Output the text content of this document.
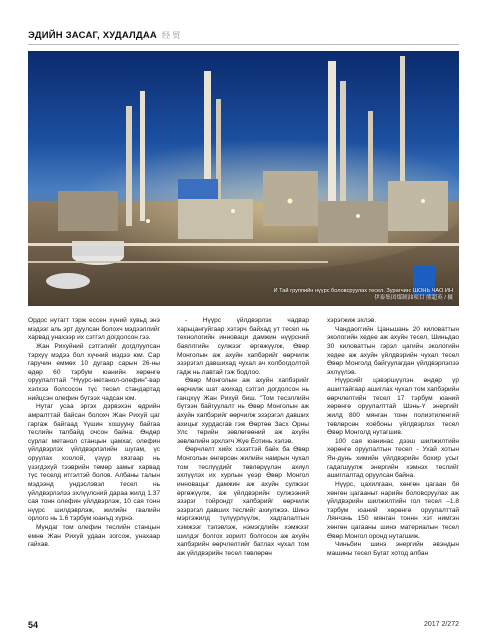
ЭДИЙН ЗАСАГ, ХУДАЛДАА 经 贸
И Тай группийн нүүрс боловсруулах тесел. Зурагчин: ШОНЬ ЧАО ИН
伊泰集团煤制油项目 熊超英 / 摄

Ордос нутагт тэрж ессен хүний хувьд энэ мэдээг аль эрт дуулсан болохч мэдээллийг харвад унахээр их сэтгэл догдолсон гээ.

Жан Рихуйний сэтгэлийг догдлуулсан тэрхүү мэдээ бол хүчний мэдээ юм. Сар гаручин еммөх 10 дугаар сарын 26-ны өдөр 60 тэрбум юанийн хөрөнгө оруулалттай "Нүүрс-метанол-олефин"-вар хэлхээ болсосон түс тесөл стандартад нийцсэн олефин бүтээх чадсан юм.

Нутаг усаа эргэх дэрвэхэн өдрийн амралттай байсан болохч Жан Рихуй цаг гаргаж байгаад Үүшин хошууну байгаа теслийн талбайд очсон байна. Өндөр сурлаг метанол станцын цамхаг, олефин үйлдвэрлэх үйлдвэрлэлийн шугам, үс оруулах хоолой, үзүүр хязгаар нь үзэгдэхүй тээврийн төмөр замыг харвад түс теселд итгэлтэй болов. Албаны талын мэдээнд ундэслэвэл тесел нь үйлдвэрлэлээ эхлүүлсний дараа жилд 1.37 сая тонн олефин үйлдвэрлэж, 10 сая тонн нүүрс шилдэврлэж, жилийн гвалийн орлого нь 1.6 тэрбум юанъд хүрнэ.

Мундаг том олефин теслийн станцын емнө Жан Рихуй удаан зогсож, унахаар гайхав.

- Нүүрс үйлдвэрлэх чадвар харьцангуйгаар хэтэрч байхад ут тесел нь технологийн инноваци дамжин нүүрсний баяллгийн сулжээг өргөжүүлж, Өвөр Монголын аж ахуйн хапбэрийг өөрчилж эзэрэгэл давшихад чухал ач холбогдолтой гадж нь лавтай гэж бодлоо.

Өвөр Монголын аж ахуйн хапбэрийг өөрчилж шат ахихад сэтгэл догдолсон нь ганцхүү Жан Рихуй биш. "Том тесэллийн бүтээн байгуулалт нь Өвөр Монголын аж ахуйн хапбэрийг өөрчилж эзэрэгэл давших ахицыг хурдасгав гэж Өөртөө Засх Орны Улс төрийн зөвлөгөөний аж ахуйн зөвлөлийн эрхлэгч Жүе Ёотинь хэлэв.

Өөрчлелт хийх хэзэттэй байх ба Өвөр Монголын өнгөрсөн жилийн намрын чухал том теслүүдийг төвлөрүүлэн ахиул эхлүүлэх их хурлын үеэр Өвөр Монгол инновацыг дамжин аж ахуйн сулжээг өргөжүүлж, аж үйлдвэрийн сулжээний эзэрэг тойрондт хапбэрийг өөрчилж эзэрэгэл давших теслийг ахиулжээ. Шинэ мэргэжилд түлүүрлүүлж, хадгалалтын хэмжээг тэлэвлэж, нэмэгдлийн хэмжээг шилдэг болгох зорилт болгосон аж ахуйн хапбэрийн өөрчлелтийг батлах чухал том аж үйлдвэрийн тесел төвлөрөн

хэрэгжиж эхлэв.

Чандаоггийн Цаньшань 20 киловаттын экологийн хедее аж ахуйн тесел, Шиньдао 30 киловаттын гэрэл цагийн экологийн хедее аж ахуйн үйлдвэрийн чухал тесел Өвөр Монголд байгуулагдан үйлдвэрлэлээ эхлүүлэв.

Нүүрсийг цэвэршүүлэн өндөр үр ашигтайгаар ашиглах чухал том хапбэрийн өөрчлелтийн тесел 17 тэрбум юаний хөрөнгө оруулалттай Шэнь-Ү энергийг жилд 800 мянган тонн полиэтиленгий төвлөрсөн хоёбоны үйлдвэрлэх тесел Өвөр Монголд нутагшив.

100 сая юанинас дээш шилжилтийн хөрөнгө оруулалтын тесел - Ухай хотын Ян-дунь химийн үйлдвэрийн бохир усыг гадагшуулж энергийн хэмнэх теслийг ашиглалтад оруулсан байна.

Нүүрс, цахилгаан, хөнгөн цагаан бя хөнгөн цагааныг нарийн боловсруулах аж үйлдвэрийн шилжилтийн гол тесел –1.8 тэрбум юаний хөрөнгө оруулалттай Лянчэнь 150 мянган тоннн хэт нимгэн хөнгөн цагааны шинэ материалын тесел Өвөр Монгол оронд нутагшиж.

Чиньбин шинэ энергийн әвэндын машины тесел Бугат хотод албан

54	2017 2/272
